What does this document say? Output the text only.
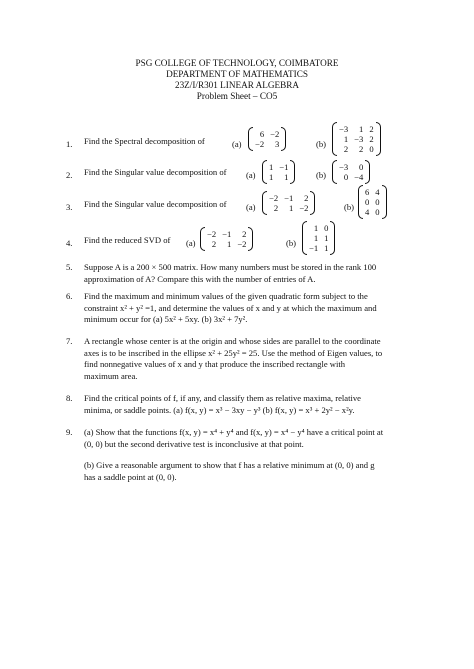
PSG COLLEGE OF TECHNOLOGY, COIMBATORE
DEPARTMENT OF MATHEMATICS
23Z/I/R301 LINEAR ALGEBRA
Problem Sheet – CO5
1. Find the Spectral decomposition of	(a)
6 −2
−2	3	(b)
−3	1 2
1 −3 2
2	2 0
2. Find the Singular value decomposition of (a)
1 −1
1	1	(b)
−3	0
0 −4
3. Find the Singular value decomposition of (a)
−2 −1	2
2	1 −2	(b)
6 4
0 0
4 0
4. Find the reduced SVD of (a)
−2 −1	2
2	1 −2	(b)
1 0
1 1
−1 1
5. Suppose A is a 200 × 500 matrix. How many numbers must be stored in the rank 100
approximation of A? Compare this with the number of entries of A.
6. Find the maximum and minimum values of the given quadratic form subject to the
constraint x² + y² =1, and determine the values of x and y at which the maximum and
minimum occur for (a) 5x² + 5xy. (b) 3x² + 7y².
7. A rectangle whose center is at the origin and whose sides are parallel to the coordinate
axes is to be inscribed in the ellipse x² + 25y² = 25. Use the method of Eigen values, to
find nonnegative values of x and y that produce the inscribed rectangle with
maximum area.
8. Find the critical points of f, if any, and classify them as relative maxima, relative
minima, or saddle points. (a) f(x, y) = x³ − 3xy − y³ (b) f(x, y) = x³ + 2y² − x²y.
9. (a) Show that the functions f(x, y) = x⁴ + y⁴ and f(x, y) = x⁴ − y⁴ have a critical point at
(0, 0) but the second derivative test is inconclusive at that point.
(b) Give a reasonable argument to show that f has a relative minimum at (0, 0) and g
has a saddle point at (0, 0).
